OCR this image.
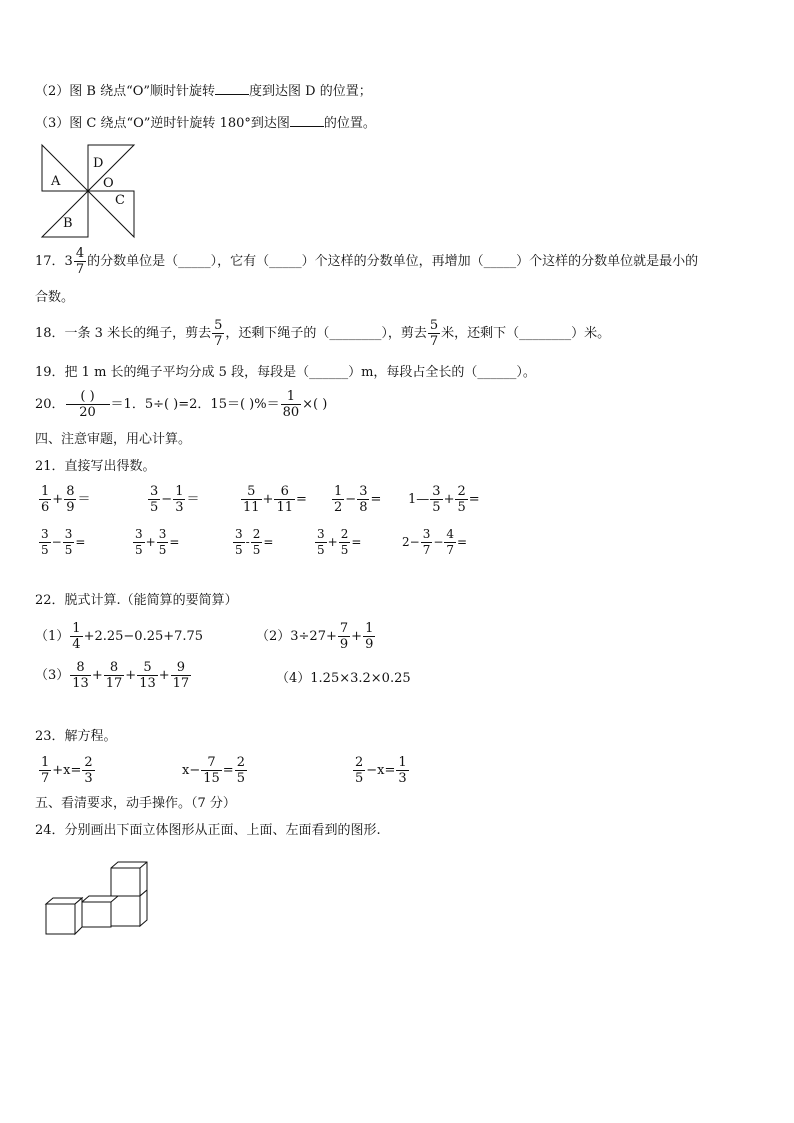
（2）图 B 绕点“O”顺时针旋转	度到达图 D 的位置；
（3）图 C 绕点“O”逆时针旋转 180°到达图	的位置。
A
D
O
C
B
17．$3 \frac{4}{7}$ 的分数单位是（_____），它有（_____）个这样的分数单位，再增加（_____）个这样的分数单位就是最小的
合数。
18．一条 3 米长的绳子，剪去 $\frac{5}{7}$ ，还剩下绳子的（________），剪去 $\frac{5}{7}$ 米，还剩下（________）米。
19．把 1 m 长的绳子平均分成 5 段，每段是（______）m，每段占全长的（______）。
20． $\frac{( )}{20} =1$．5÷( )=2．15＝( )%＝ $\frac{1}{80}$ ×( )
四、注意审题，用心计算。
21．直接写出得数。
$\frac{1}{6} + \frac{8}{9}$ ＝	$\frac{3}{5} - \frac{1}{3}$ ＝	$\frac{5}{11} + \frac{6}{11} = \frac{1}{2} - \frac{3}{8}$ = 1— $\frac{3}{5} + \frac{2}{5}$ =
$\frac{3}{5} - \frac{3}{5}$ =	$\frac{3}{5} + \frac{3}{5}$ =	$\frac{3}{5} - \frac{2}{5}$ =	$\frac{3}{5} + \frac{2}{5}$ =	$2- \frac{3}{7} - \frac{4}{7}$ =
22．脱式计算.（能简算的要简算）
$(1) \frac{1}{4} +2.25-0.25+7.75$	$(2)3\div 27+ \frac{7}{9} + \frac{1}{9}$
$(3) \frac{8}{13} + \frac{8}{17} + \frac{5}{13} + \frac{9}{17}$	（4）1.25×3.2×0.25
23．解方程。
$\frac{1}{7} +x= \frac{2}{3}$	$x- \frac{7}{15} = \frac{2}{5}$	$\frac{2}{5} -x= \frac{1}{3}$
五、看清要求，动手操作。（7 分）
24．分别画出下面立体图形从正面、上面、左面看到的图形.
